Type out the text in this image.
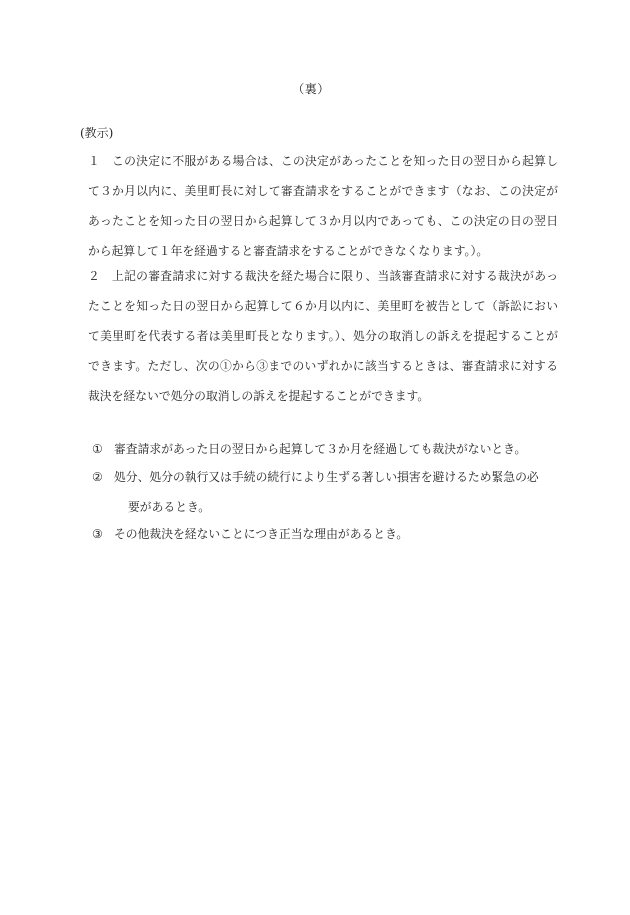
（裏）
(教示)
１	この決定に不服がある場合は、この決定があったことを知った日の翌日から起算して３か月以内に、美里町長に対して審査請求をすることができます（なお、この決定があったことを知った日の翌日から起算して３か月以内であっても、この決定の日の翌日から起算して１年を経過すると審査請求をすることができなくなります。）。
２	上記の審査請求に対する裁決を経た場合に限り、当該審査請求に対する裁決があったことを知った日の翌日から起算して６か月以内に、美里町を被告として（訴訟において美里町を代表する者は美里町長となります。）、処分の取消しの訴えを提起することができます。ただし、次の①から③までのいずれかに該当するときは、審査請求に対する裁決を経ないで処分の取消しの訴えを提起することができます。
① 審査請求があった日の翌日から起算して３か月を経過しても裁決がないとき。
② 処分、処分の執行又は手続の続行により生ずる著しい損害を避けるため緊急の必
要があるとき。
③ その他裁決を経ないことにつき正当な理由があるとき。
